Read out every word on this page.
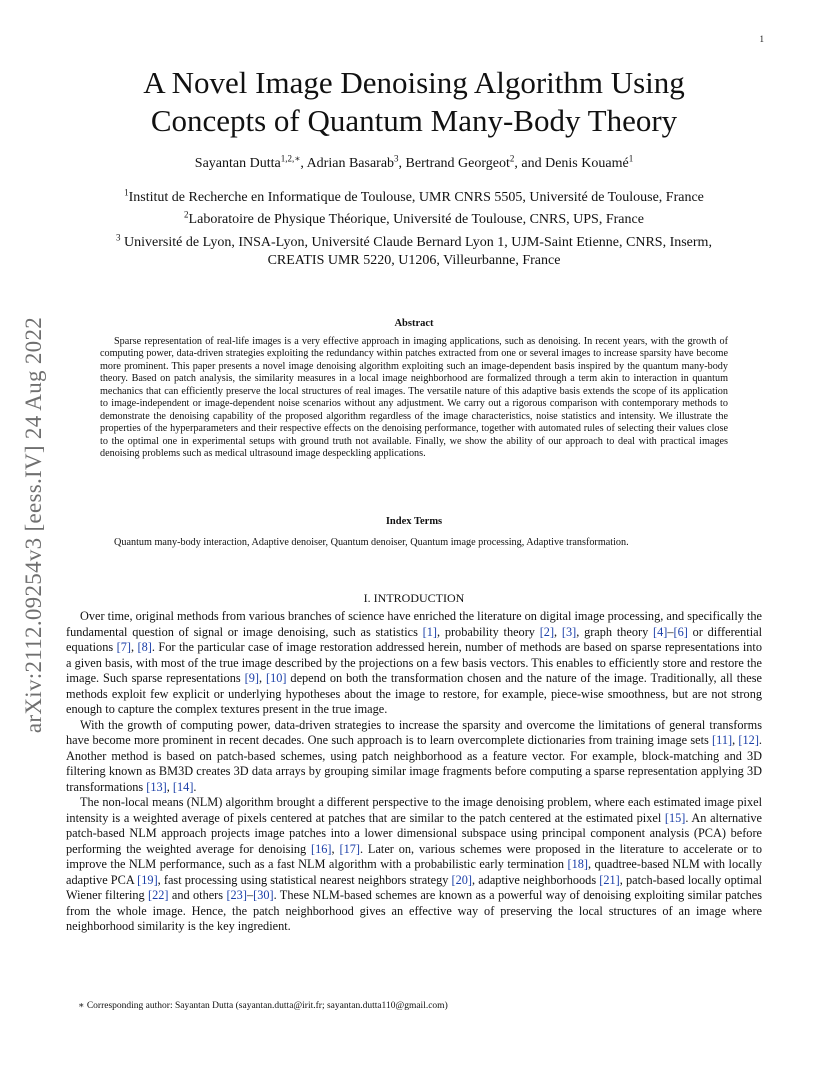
1
arXiv:2112.09254v3 [eess.IV] 24 Aug 2022
A Novel Image Denoising Algorithm Using
Concepts of Quantum Many-Body Theory
Sayantan Dutta$^{1,2,∗}$, Adrian Basarab$^3$, Bertrand Georgeot$^2$, and Denis Kouamé$^1$
$^1$Institut de Recherche en Informatique de Toulouse, UMR CNRS 5505, Université de Toulouse, France
$^2$Laboratoire de Physique Théorique, Université de Toulouse, CNRS, UPS, France
$^3$ Université de Lyon, INSA-Lyon, Université Claude Bernard Lyon 1, UJM-Saint Etienne, CNRS, Inserm,
CREATIS UMR 5220, U1206, Villeurbanne, France
Abstract

Sparse representation of real-life images is a very effective approach in imaging applications, such as denoising. In recent years, with the growth of computing power, data-driven strategies exploiting the redundancy within patches extracted from one or several images to increase sparsity have become more prominent. This paper presents a novel image denoising algorithm exploiting such an image-dependent basis inspired by the quantum many-body theory. Based on patch analysis, the similarity measures in a local image neighborhood are formalized through a term akin to interaction in quantum mechanics that can efficiently preserve the local structures of real images. The versatile nature of this adaptive basis extends the scope of its application to image-independent or image-dependent noise scenarios without any adjustment. We carry out a rigorous comparison with contemporary methods to demonstrate the denoising capability of the proposed algorithm regardless of the image characteristics, noise statistics and intensity. We illustrate the properties of the hyperparameters and their respective effects on the denoising performance, together with automated rules of selecting their values close to the optimal one in experimental setups with ground truth not available. Finally, we show the ability of our approach to deal with practical images denoising problems such as medical ultrasound image despeckling applications.

Index Terms

Quantum many-body interaction, Adaptive denoiser, Quantum denoiser, Quantum image processing, Adaptive transformation.

I. INTRODUCTION

Over time, original methods from various branches of science have enriched the literature on digital image processing, and specifically the fundamental question of signal or image denoising, such as statistics [1], probability theory [2], [3], graph theory [4]–[6] or differential equations [7], [8]. For the particular case of image restoration addressed herein, number of methods are based on sparse representations into a given basis, with most of the true image described by the projections on a few basis vectors. This enables to efficiently store and restore the image. Such sparse representations [9], [10] depend on both the transformation chosen and the nature of the image. Traditionally, all these methods exploit few explicit or underlying hypotheses about the image to restore, for example, piece-wise smoothness, but are not strong enough to capture the complex textures present in the true image.

With the growth of computing power, data-driven strategies to increase the sparsity and overcome the limitations of general transforms have become more prominent in recent decades. One such approach is to learn overcomplete dictionaries from training image sets [11], [12]. Another method is based on patch-based schemes, using patch neighborhood as a feature vector. For example, block-matching and 3D filtering known as BM3D creates 3D data arrays by grouping similar image fragments before computing a sparse representation applying 3D transformations [13], [14].

The non-local means (NLM) algorithm brought a different perspective to the image denoising problem, where each estimated image pixel intensity is a weighted average of pixels centered at patches that are similar to the patch centered at the estimated pixel [15]. An alternative patch-based NLM approach projects image patches into a lower dimensional subspace using principal component analysis (PCA) before performing the weighted average for denoising [16], [17]. Later on, various schemes were proposed in the literature to accelerate or to improve the NLM performance, such as a fast NLM algorithm with a probabilistic early termination [18], quadtree-based NLM with locally adaptive PCA [19], fast processing using statistical nearest neighbors strategy [20], adaptive neighborhoods [21], patch-based locally optimal Wiener filtering [22] and others [23]–[30]. These NLM-based schemes are known as a powerful way of denoising exploiting similar patches from the whole image. Hence, the patch neighborhood gives an effective way of preserving the local structures of an image where neighborhood similarity is the key ingredient.

∗ Corresponding author: Sayantan Dutta (sayantan.dutta@irit.fr; sayantan.dutta110@gmail.com)
